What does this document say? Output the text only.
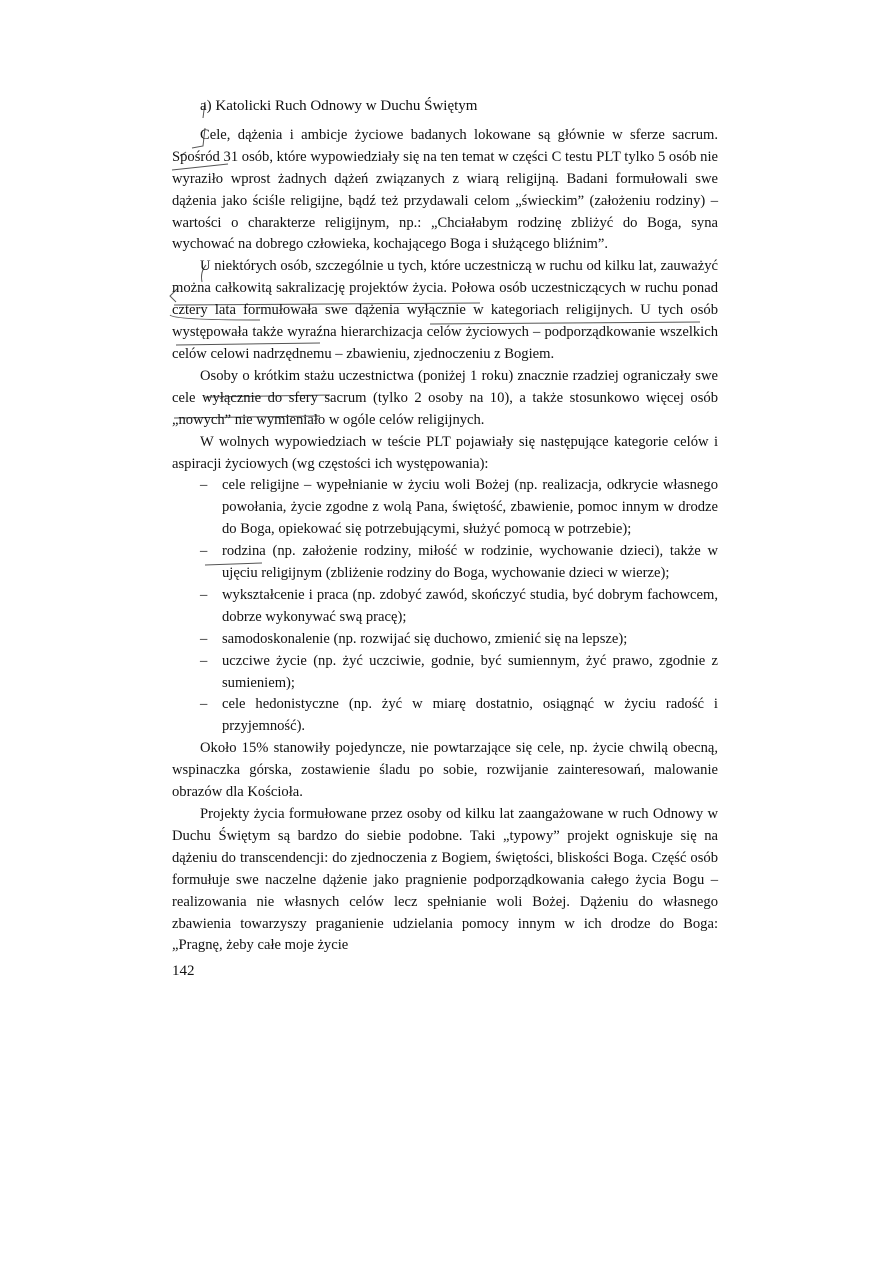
a) Katolicki Ruch Odnowy w Duchu Świętym

Cele, dążenia i ambicje życiowe badanych lokowane są głównie w sferze sacrum. Spośród 31 osób, które wypowiedziały się na ten temat w części C testu PLT tylko 5 osób nie wyraziło wprost żadnych dążeń związanych z wiarą religijną. Badani formułowali swe dążenia jako ściśle religijne, bądź też przydawali celom „świeckim” (założeniu rodziny) – wartości o charakterze religijnym, np.: „Chciałabym rodzinę zbliżyć do Boga, syna wychować na dobrego człowieka, kochającego Boga i służącego bliźnim”.

U niektórych osób, szczególnie u tych, które uczestniczą w ruchu od kilku lat, zauważyć można całkowitą sakralizację projektów życia. Połowa osób uczestniczących w ruchu ponad cztery lata formułowała swe dążenia wyłącznie w kategoriach religijnych. U tych osób występowała także wyraźna hierarchizacja celów życiowych – podporządkowanie wszelkich celów celowi nadrzędnemu – zbawieniu, zjednoczeniu z Bogiem.

Osoby o krótkim stażu uczestnictwa (poniżej 1 roku) znacznie rzadziej ograniczały swe cele wyłącznie do sfery sacrum (tylko 2 osoby na 10), a także stosunkowo więcej osób „nowych” nie wymieniało w ogóle celów religijnych.

W wolnych wypowiedziach w teście PLT pojawiały się następujące kategorie celów i aspiracji życiowych (wg częstości ich występowania):

– cele religijne – wypełnianie w życiu woli Bożej (np. realizacja, odkrycie własnego powołania, życie zgodne z wolą Pana, świętość, zbawienie, pomoc innym w drodze do Boga, opiekować się potrzebującymi, służyć pomocą w potrzebie);
– rodzina (np. założenie rodziny, miłość w rodzinie, wychowanie dzieci), także w ujęciu religijnym (zbliżenie rodziny do Boga, wychowanie dzieci w wierze);
– wykształcenie i praca (np. zdobyć zawód, skończyć studia, być dobrym fachowcem, dobrze wykonywać swą pracę);
– samodoskonalenie (np. rozwijać się duchowo, zmienić się na lepsze);
– uczciwe życie (np. żyć uczciwie, godnie, być sumiennym, żyć prawo, zgodnie z sumieniem);
– cele hedonistyczne (np. żyć w miarę dostatnio, osiągnąć w życiu radość i przyjemność).

Około 15% stanowiły pojedyncze, nie powtarzające się cele, np. życie chwilą obecną, wspinaczka górska, zostawienie śladu po sobie, rozwijanie zainteresowań, malowanie obrazów dla Kościoła.

Projekty życia formułowane przez osoby od kilku lat zaangażowane w ruch Odnowy w Duchu Świętym są bardzo do siebie podobne. Taki „typowy” projekt ogniskuje się na dążeniu do transcendencji: do zjednoczenia z Bogiem, świętości, bliskości Boga. Część osób formułuje swe naczelne dążenie jako pragnienie podporządkowania całego życia Bogu – realizowania nie własnych celów lecz spełnianie woli Bożej. Dążeniu do własnego zbawienia towarzyszy praganienie udzielania pomocy innym w ich drodze do Boga: „Pragnę, żeby całe moje życie

142
